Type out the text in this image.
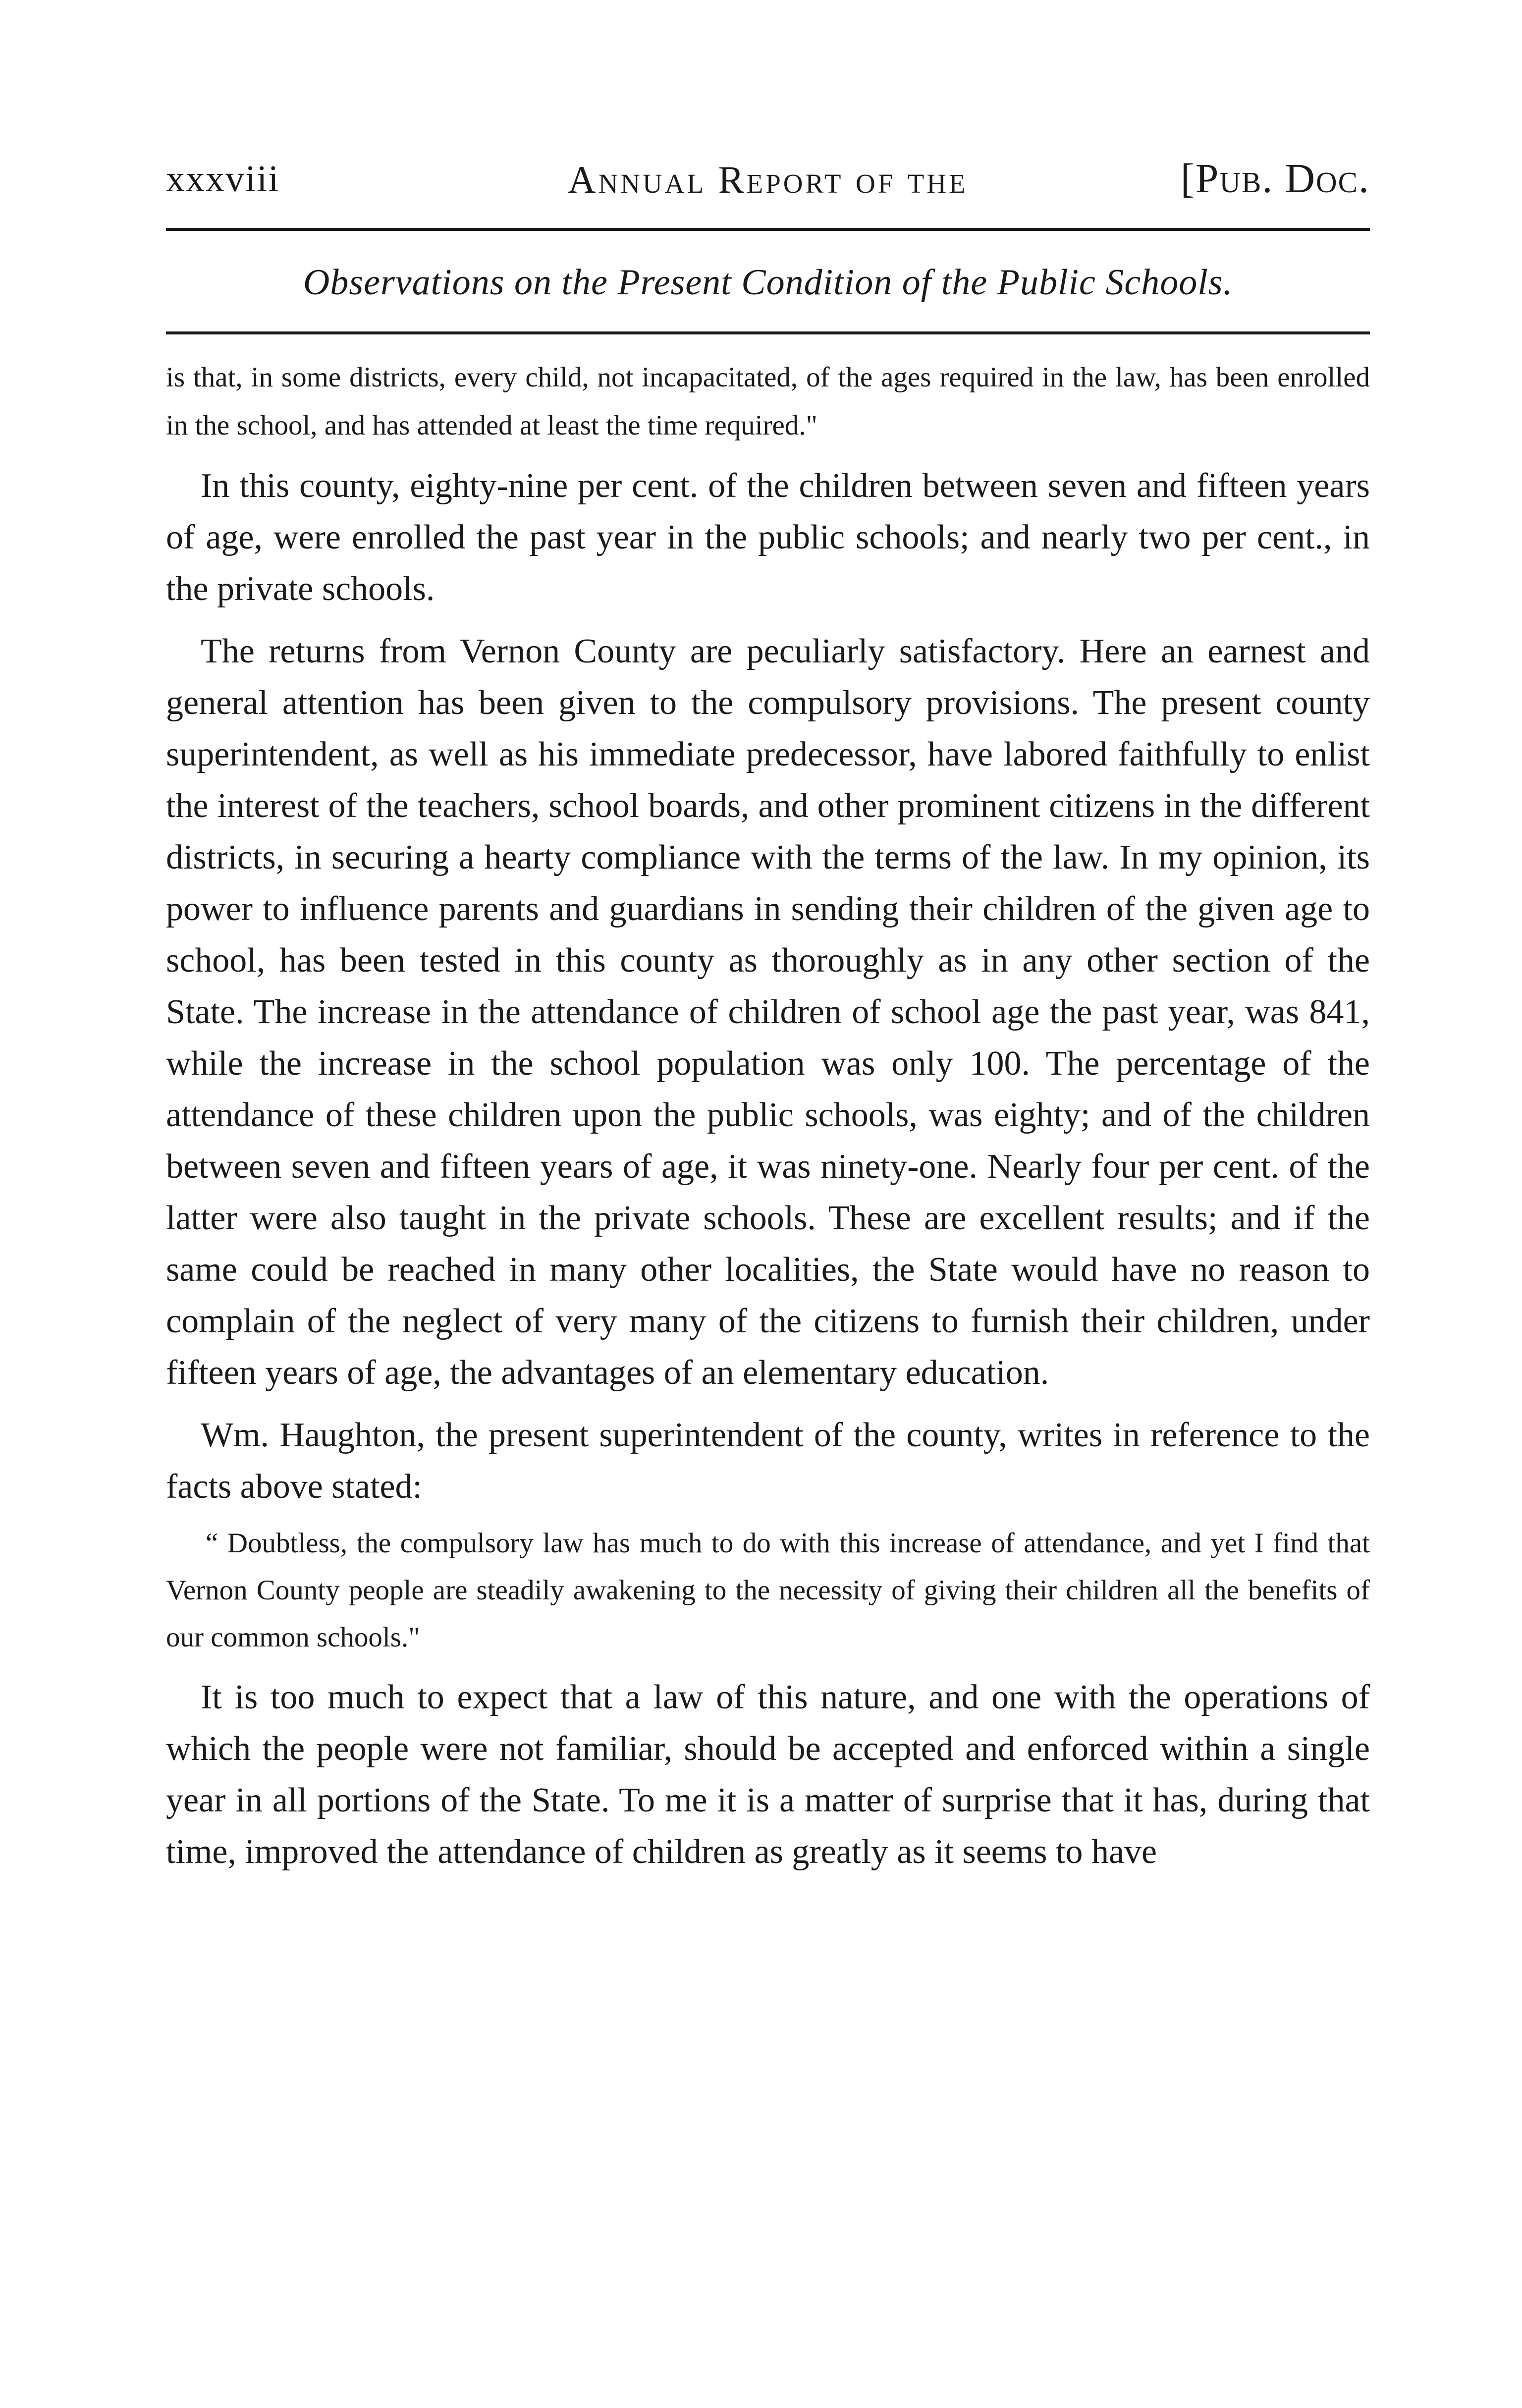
xxxviii	Annual Report of the	[Pub. Doc.
Observations on the Present Condition of the Public Schools.

is that, in some districts, every child, not incapacitated, of the ages required in the law, has been enrolled in the school, and has attended at least the time required."

In this county, eighty-nine per cent. of the children between seven and fifteen years of age, were enrolled the past year in the public schools; and nearly two per cent., in the private schools.

The returns from Vernon County are peculiarly satisfactory. Here an earnest and general attention has been given to the compulsory provisions. The present county superintendent, as well as his immediate predecessor, have labored faithfully to enlist the interest of the teachers, school boards, and other prominent citizens in the different districts, in securing a hearty compliance with the terms of the law. In my opinion, its power to influence parents and guardians in sending their children of the given age to school, has been tested in this county as thoroughly as in any other section of the State. The increase in the attendance of children of school age the past year, was 841, while the increase in the school population was only 100. The percentage of the attendance of these children upon the public schools, was eighty; and of the children between seven and fifteen years of age, it was ninety-one. Nearly four per cent. of the latter were also taught in the private schools. These are excellent results; and if the same could be reached in many other localities, the State would have no reason to complain of the neglect of very many of the citizens to furnish their children, under fifteen years of age, the advantages of an elementary education.

Wm. Haughton, the present superintendent of the county, writes in reference to the facts above stated:

“ Doubtless, the compulsory law has much to do with this increase of attendance, and yet I find that Vernon County people are steadily awakening to the necessity of giving their children all the benefits of our common schools."

It is too much to expect that a law of this nature, and one with the operations of which the people were not familiar, should be accepted and enforced within a single year in all portions of the State. To me it is a matter of surprise that it has, during that time, improved the attendance of children as greatly as it seems to have
